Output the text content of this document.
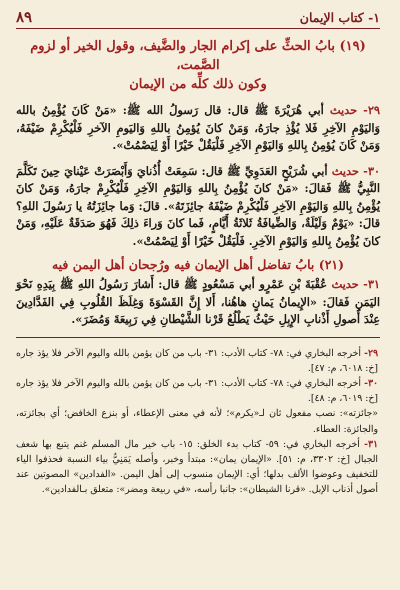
١- كتاب الإيمان
٨٩
(١٩) بابُ الحثِّ على إكرام الجار والضَّيف، وقول الخير أو لزوم الصَّمت،
وكون ذلك كلِّه من الإيمان

٢٩- حديث أبي هُرَيْرَةَ ﷺ قال: قال رَسولُ الله ﷺ: «مَنْ كَانَ يُؤْمِنُ بالله وَاليَوْمِ الآخِرِ فَلا يُؤْذِ جارَهُ، وَمَنْ كانَ يُؤمِنُ باللهِ وَاليَومِ الآخرِ فَلْيُكْرِمْ ضَيْفَهُ، وَمَنْ كَانَ يُؤمِنُ بِاللهِ وَاليَوْمِ الآخِرِ فَلْيَقُلْ خَيْرًا أَوْ لِيَصْمُتْ».

٣٠- حديث أبي شُرَيْحٍ العَدَوِيِّ ﷺ قال: سَمِعَتْ أُذُنايَ وَأَبْصَرَتْ عَيْنايَ حِينَ تَكَلَّمَ النَّبِيُّ ﷺ فَقالَ: «مَنْ كانَ يُؤْمِنُ بِاللهِ وَاليَوْمِ الآخِرِ فَلْيُكْرِمْ جارَهُ، وَمَنْ كانَ يُؤْمِنُ بِاللهِ وَاليَوْمِ الآخِرِ فَلْيُكْرِمْ ضَيْفَهُ جائِزَتَهُ». قالَ: وَما جائِزَتُهُ يا رَسُولَ اللهِ؟ قالَ: «يَوْمٌ وَلَيْلَةٌ، وَالضِّيافَةُ ثَلاثَةُ أَيَّامٍ، فَما كانَ وَراءَ ذلِكَ فَهُوَ صَدَقَةٌ عَلَيْهِ، وَمَنْ كانَ يُؤْمِنُ بِاللهِ وَاليَوْمِ الآخِرِ. فَلْيَقُلْ خَيْرًا أَوْ لِيَصْمُتْ».

(٢١) بابُ تفاضل أهل الإيمان فيه ورُجحان أهل اليمن فيه

٣١- حديث عُقْبَةَ بْنِ عَمْرٍو أبي مَسْعُودٍ ﷺ قال: أَشارَ رَسُولُ اللهِ ﷺ بِيَدِهِ نَحْوَ اليَمَنِ فَقالَ: «الإِيمانُ يَمانٍ هاهُنا، أَلا إِنَّ القَسْوَةَ وَغِلَظَ القُلُوبِ فِي الفَدَّادِينَ عِنْدَ أُصولِ أَذْنابِ الإِبِلِ حَيْثُ يَطْلُعُ قَرْنا الشَّيْطانِ فِي رَبِيعَةَ وَمُضَرَ».

٢٩- أخرجه البخاري في: ٧٨- كتاب الأدب: ٣١- باب من كان يؤمن بالله واليوم الآخر فلا يؤذ جاره [خ: ٦٠١٨، م: ٤٧].
٣٠- أخرجه البخاري في: ٧٨- كتاب الأدب: ٣١- باب من كان يؤمن بالله واليوم الآخر فلا يؤذ جاره [خ: ٦٠١٩، م: ٤٨].
«جائزته»: نصب مفعول ثان لـ«يكرم»؛ لأنه في معنى الإعطاء، أو بنزع الخافض؛ أي بجائزته، والجائزة: العطاء.
٣١- أخرجه البخاري في: ٥٩- كتاب بدء الخلق: ١٥- باب خير مال المسلم غنم يتبع بها شعف الجبال [خ: ٣٣٠٢، م: ٥١]. «الإيمان يمان»: مبتدأ وخبر، وأصله يَمَنِيٌّ بياء النسبة فحذفوا الياء للتخفيف وعوضوا الألف بدلها؛ أي: الإيمان منسوب إلى أهل اليمن. «الفدادين» المصوتين عند أصول أذناب الإبل. «قرنا الشيطان»: جانبا رأسه، «في ربيعة ومضر»: متعلق بـالفدادين».
